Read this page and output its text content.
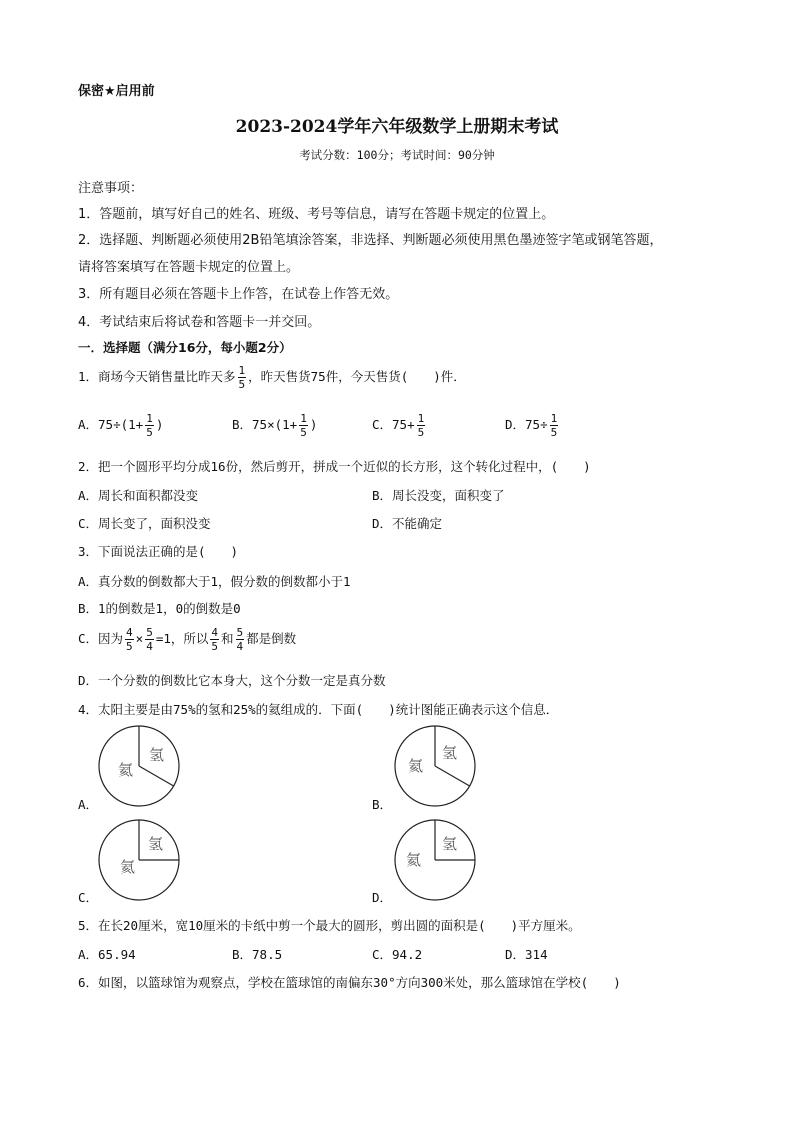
保密★启用前
2023-2024学年六年级数学上册期末考试
考试分数：100分；考试时间：90分钟
注意事项：
1．答题前，填写好自己的姓名、班级、考号等信息，请写在答题卡规定的位置上。
2．选择题、判断题必须使用2B铅笔填涂答案，非选择、判断题必须使用黑色墨迹签字笔或钢笔答题，
请将答案填写在答题卡规定的位置上。
3．所有题目必须在答题卡上作答，在试卷上作答无效。
4．考试结束后将试卷和答题卡一并交回。
一．选择题（满分16分，每小题2分）
1．商场今天销售量比昨天多 $\frac{1}{5}$ ，昨天售货75件，今天售货(　　)件．
A．$75\div(1+ \frac{1}{5}$ )	B．$75\times(1+ \frac{1}{5}$ )	C．$75+ \frac{1}{5}$	D．$75\div \frac{1}{5}$
2．把一个圆形平均分成16份，然后剪开，拼成一个近似的长方形，这个转化过程中，(　　)
A．周长和面积都没变	B．周长没变，面积变了
C．周长变了，面积没变	D．不能确定
3．下面说法正确的是(　　)
A．真分数的倒数都大于1，假分数的倒数都小于1
B．1的倒数是1，0的倒数是0
C．因为 $\frac{4}{5} \times \frac{5}{4} =1$，所以 $\frac{4}{5}$ 和 $\frac{5}{4}$ 都是倒数
D．一个分数的倒数比它本身大，这个分数一定是真分数
4．太阳主要是由75%的氢和25%的氦组成的．下面(　　)统计图能正确表示这个信息．
氦
氢
A．
氦
氢
B．
氦
氢
C．
氦
氢
D．
5．在长20厘米，宽10厘米的卡纸中剪一个最大的圆形，剪出圆的面积是(　　)平方厘米。
A．65.94	B．78.5	C．94.2	D．314
6．如图，以篮球馆为观察点，学校在篮球馆的南偏东30°方向300米处，那么篮球馆在学校(　　)
